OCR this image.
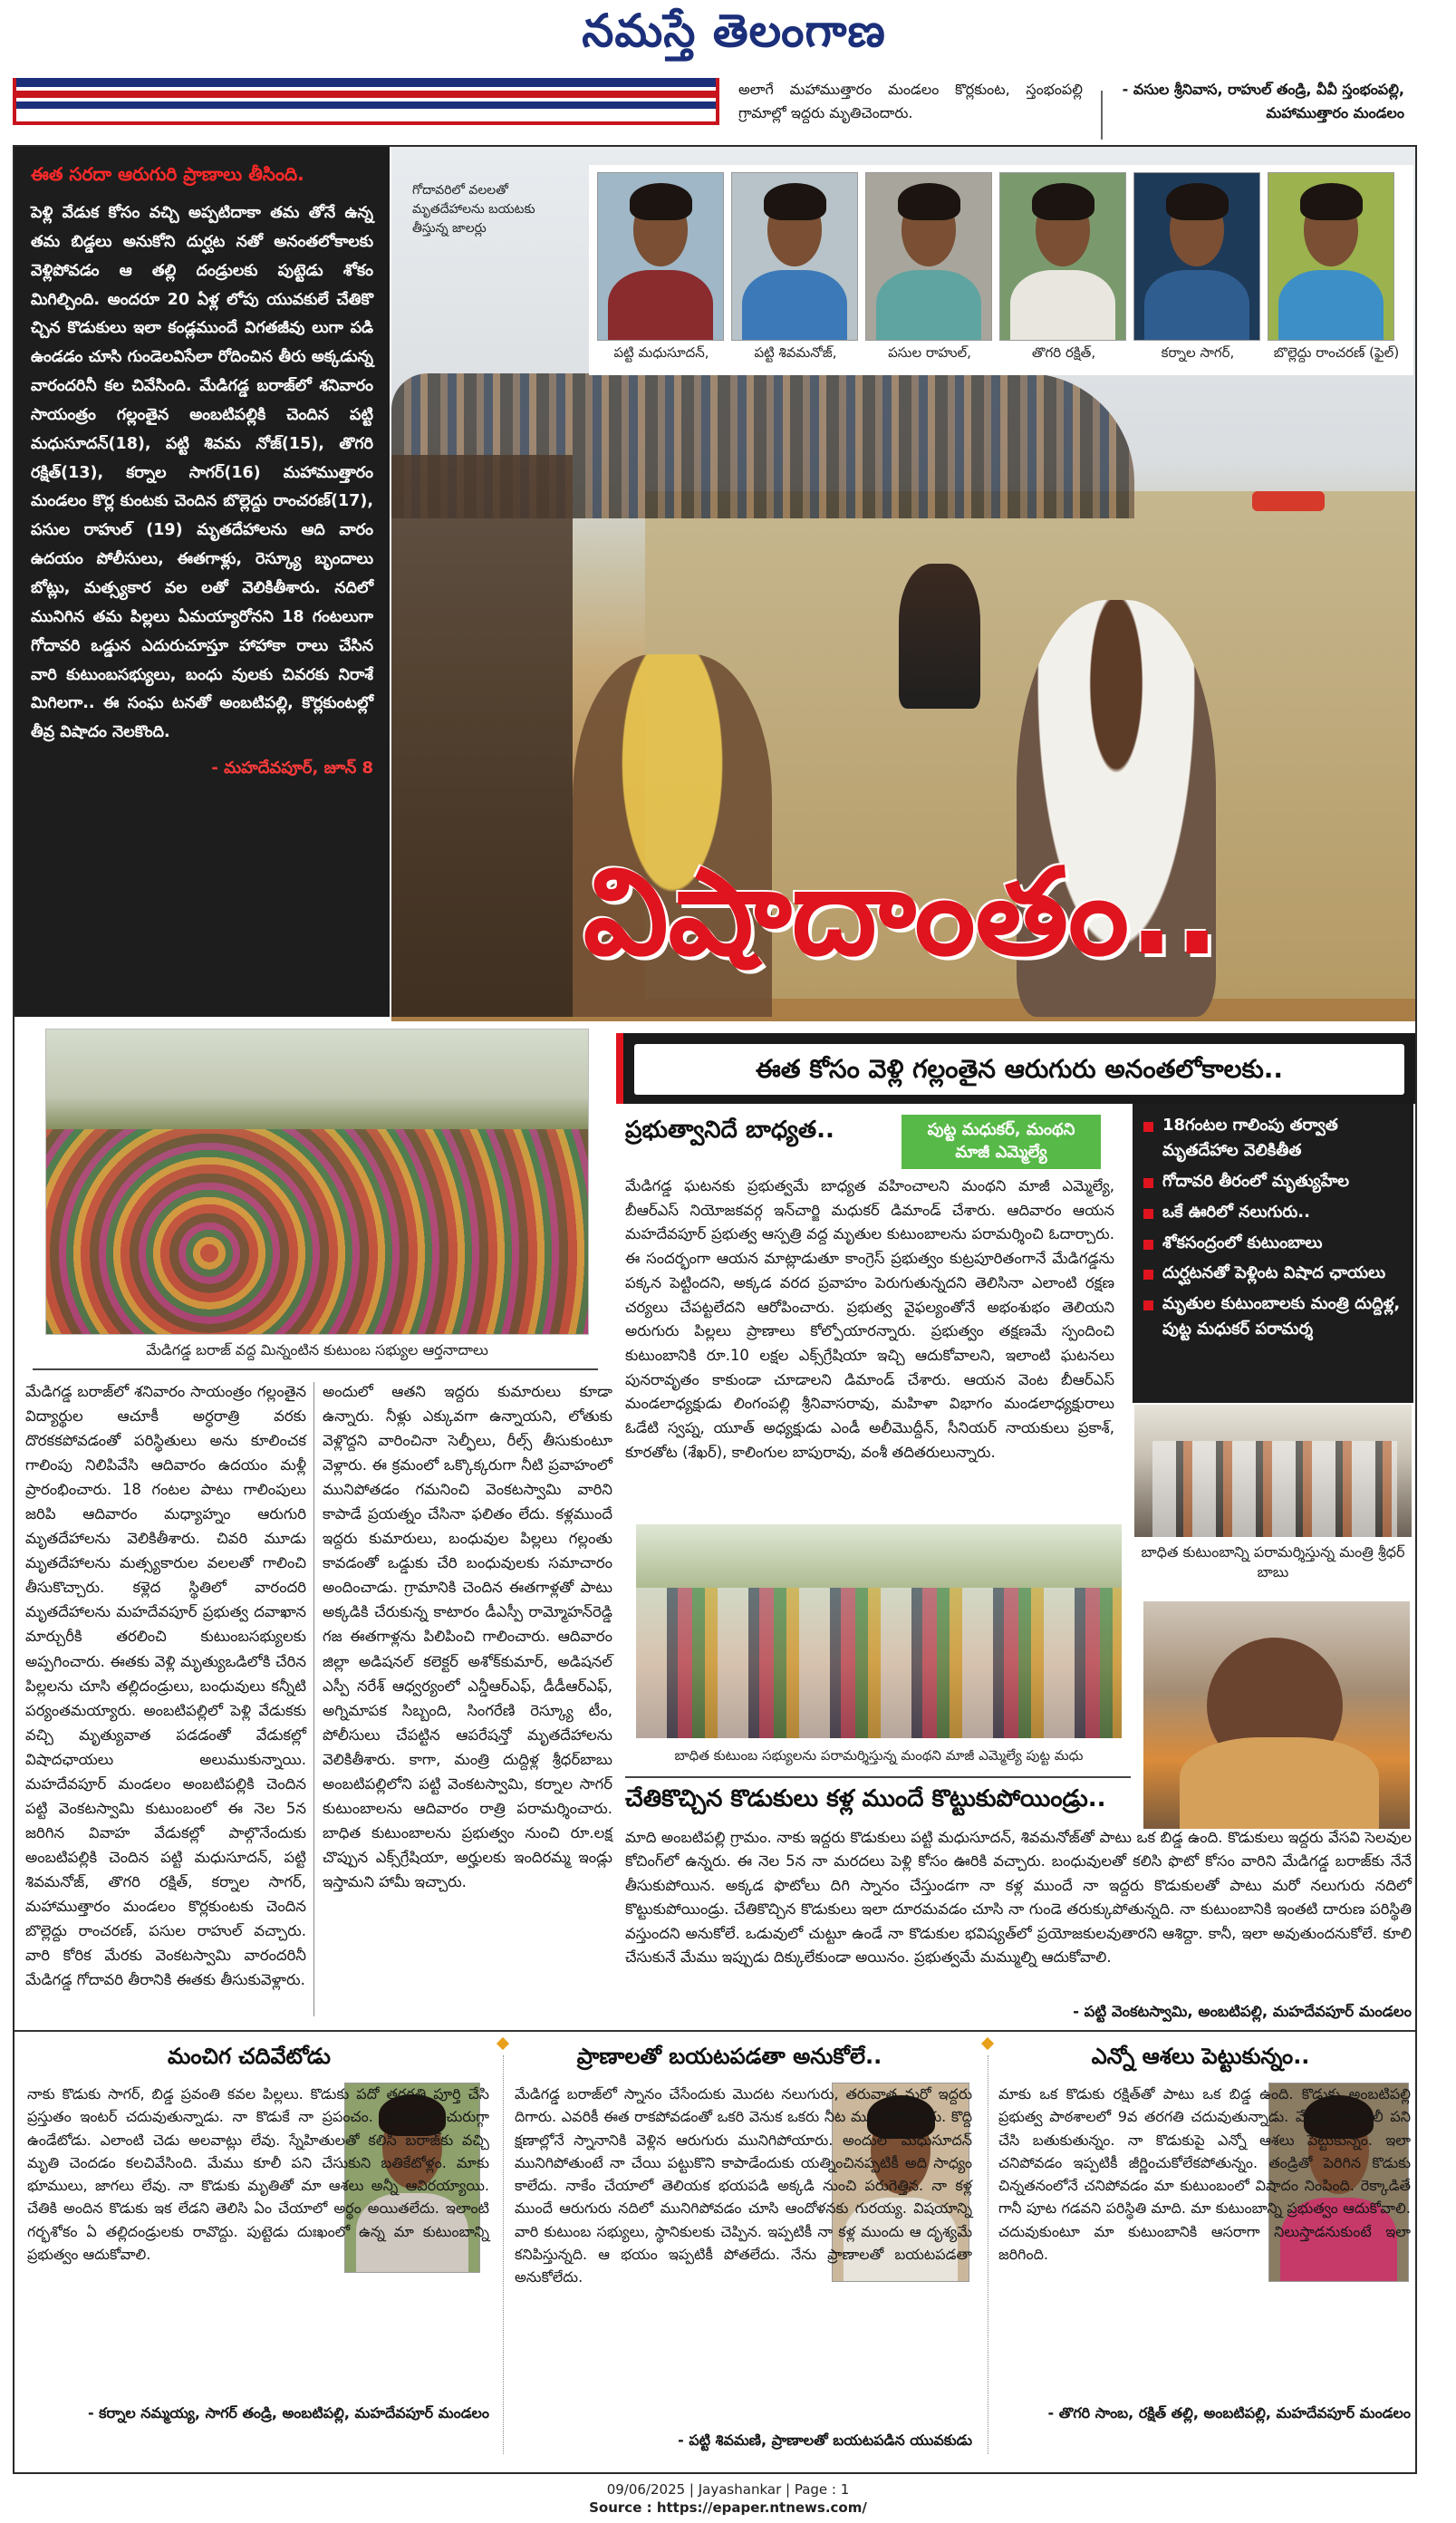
నమస్తే తెలంగాణ
అలాగే మహాముత్తారం మండలం కొర్లకుంట, స్తంభంపల్లి గ్రామాల్లో ఇద్దరు మృతిచెందారు.
- వసుల శ్రీనివాస, రాహుల్ తండ్రి, వీవీ స్తంభంపల్లి, మహాముత్తారం మండలం
ఈత సరదా ఆరుగురి ప్రాణాలు తీసింది.
పెళ్లి వేడుక కోసం వచ్చి అప్పటిదాకా తమ తోనే ఉన్న తమ బిడ్డలు అనుకోని దుర్ఘట నతో అనంతలోకాలకు వెళ్లిపోవడం ఆ తల్లి దండ్రులకు పుట్టెడు శోకం మిగిల్చింది. అందరూ 20 ఏళ్ల లోపు యువకులే చేతికొ చ్చిన కొడుకులు ఇలా కండ్లముందే విగతజీవు లుగా పడి ఉండడం చూసి గుండెలవిసేలా రోదించిన తీరు అక్కడున్న వారందరినీ కల చివేసింది. మేడిగడ్డ బరాజ్‌లో శనివారం సాయంత్రం గల్లంతైన అంబటిపల్లికి చెందిన పట్టి మధుసూదన్(18), పట్టి శివమ నోజ్(15), తొగరి రక్షిత్(13), కర్నాల సాగర్(16) మహాముత్తారం మండలం కొర్ల కుంటకు చెందిన బొల్లెద్దు రాంచరణ్(17), పసుల రాహుల్ (19) మృతదేహాలను ఆది వారం ఉదయం పోలీసులు, ఈతగాళ్లు, రెస్క్యూ బృందాలు బోట్లు, మత్స్యకార వల లతో వెలికితీశారు. నదిలో మునిగిన తమ పిల్లలు ఏమయ్యారోనని 18 గంటలుగా గోదావరి ఒడ్డున ఎదురుచూస్తూ హాహాకా రాలు చేసిన వారి కుటుంబసభ్యులు, బంధు వులకు చివరకు నిరాశే మిగిలగా.. ఈ సంఘ టనతో అంబటిపల్లి, కొర్లకుంటల్లో తీవ్ర విషాదం నెలకొంది.
- మహదేవపూర్, జూన్ 8
గోదావరిలో వలలతో మృతదేహాలను బయటకు తీస్తున్న జాలర్లు
పట్టి మధుసూదన్,	పట్టి శివమనోజ్,	పసుల రాహుల్,	తొగరి రక్షిత్,	కర్నాల సాగర్,	బొల్లెద్దు రాంచరణ్ (ఫైల్)
విషాదాంతం..
ఈత కోసం వెళ్లి గల్లంతైన ఆరుగురు అనంతలోకాలకు..
మేడిగడ్డ బరాజ్ వద్ద మిన్నంటిన కుటుంబ సభ్యుల ఆర్తనాదాలు
ప్రభుత్వానిదే బాధ్యత..	పుట్ట మధుకర్, మంథని మాజీ ఎమ్మెల్యే
మేడిగడ్డ ఘటనకు ప్రభుత్వమే బాధ్యత వహించాలని మంథని మాజీ ఎమ్మెల్యే, బీఆర్‌ఎస్ నియోజకవర్గ ఇన్‌చార్జి మధుకర్ డిమాండ్ చేశారు. ఆదివారం ఆయన మహదేవపూర్ ప్రభుత్వ ఆస్పత్రి వద్ద మృతుల కుటుంబాలను పరామర్శించి ఓదార్చారు. ఈ సందర్భంగా ఆయన మాట్లాడుతూ కాంగ్రెస్ ప్రభుత్వం కుట్రపూరితంగానే మేడిగడ్డను పక్కన పెట్టిందని, అక్కడ వరద ప్రవాహం పెరుగుతున్నదని తెలిసినా ఎలాంటి రక్షణ చర్యలు చేపట్టలేదని ఆరోపించారు. ప్రభుత్వ వైఫల్యంతోనే అభంశుభం తెలియని అరుగురు పిల్లలు ప్రాణాలు కోల్పోయారన్నారు. ప్రభుత్వం తక్షణమే స్పందించి కుటుంబానికి రూ.10 లక్షల ఎక్స్‌గ్రేషియా ఇచ్చి ఆదుకోవాలని, ఇలాంటి ఘటనలు పునరావృతం కాకుండా చూడాలని డిమాండ్ చేశారు. ఆయన వెంట బీఆర్‌ఎస్ మండలాధ్యక్షుడు లింగంపల్లి శ్రీనివాసరావు, మహిళా విభాగం మండలాధ్యక్షురాలు ఓడేటి స్వప్న, యూత్ అధ్యక్షుడు ఎండీ అలీమొద్దీన్, సీనియర్ నాయకులు ప్రకాశ్, కూరతోట (శేఖర్), కాలింగుల బాపురావు, వంశీ తదితరులున్నారు.
18గంటల గాలింపు తర్వాత మృతదేహాల వెలికితీత
గోదావరి తీరంలో మృత్యుహేల
ఒకే ఊరిలో నలుగురు..
శోకసంద్రంలో కుటుంబాలు
దుర్ఘటనతో పెళ్లింట విషాద ఛాయలు
మృతుల కుటుంబాలకు మంత్రి దుద్దిళ్ల, పుట్ట మధుకర్ పరామర్శ
బాధిత కుటుంబాన్ని పరామర్శిస్తున్న మంత్రి శ్రీధర్ బాబు
బాధిత కుటుంబ సభ్యులను పరామర్శిస్తున్న మంథని మాజీ ఎమ్మెల్యే పుట్ట మధు
మేడిగడ్డ బరాజ్‌లో శనివారం సాయంత్రం గల్లంతైన విద్యార్థుల ఆచూకీ అర్ధరాత్రి వరకు దొరకకపోవడంతో పరిస్థితులు అను కూలించక గాలింపు నిలిపివేసి ఆదివారం ఉదయం మళ్లీ ప్రారంభించారు. 18 గంటల పాటు గాలింపులు జరిపి ఆదివారం మధ్యాహ్నం ఆరుగురి మృతదేహాలను వెలికితీశారు. చివరి మూడు మృతదేహాలను మత్స్యకారుల వలలతో గాలించి తీసుకొచ్చారు. కళ్లెద స్థితిలో వారందరి మృతదేహాలను మహదేవపూర్ ప్రభుత్వ దవాఖాన మార్చురీకి తరలించి కుటుంబసభ్యులకు అప్పగించారు. ఈతకు వెళ్లి మృత్యుఒడిలోకి చేరిన పిల్లలను చూసి తల్లిదండ్రులు, బంధువులు కన్నీటి పర్యంతమయ్యారు. అంబటిపల్లిలో పెళ్లి వేడుకకు వచ్చి మృత్యువాత పడడంతో వేడుకల్లో విషాదఛాయలు అలుముకున్నాయి. మహదేవపూర్ మండలం అంబటిపల్లికి చెందిన పట్టి వెంకటస్వామి కుటుంబంలో ఈ నెల 5న జరిగిన వివాహ వేడుకల్లో పాల్గొనేందుకు అంబటిపల్లికి చెందిన పట్టి మధుసూదన్, పట్టి శివమనోజ్, తొగరి రక్షిత్, కర్నాల సాగర్, మహాముత్తారం మండలం కొర్లకుంటకు చెందిన బొల్లెద్దు రాంచరణ్, పసుల రాహుల్ వచ్చారు. వారి కోరిక మేరకు వెంకటస్వామి వారందరినీ మేడిగడ్డ గోదావరి తీరానికి ఈతకు తీసుకువెళ్లారు.
అందులో ఆతని ఇద్దరు కుమారులు కూడా ఉన్నారు. నీళ్లు ఎక్కువగా ఉన్నాయని, లోతుకు వెళ్లొద్దని వారించినా సెల్ఫీలు, రీల్స్ తీసుకుంటూ వెళ్లారు. ఈ క్రమంలో ఒక్కొక్కరుగా నీటి ప్రవాహంలో మునిపోతడం గమనించి వెంకటస్వామి వారిని కాపాడే ప్రయత్నం చేసినా ఫలితం లేదు. కళ్లముందే ఇద్దరు కుమారులు, బంధువుల పిల్లలు గల్లంతు కావడంతో ఒడ్డుకు చేరి బంధువులకు సమాచారం అందించాడు. గ్రామానికి చెందిన ఈతగాళ్లతో పాటు అక్కడికి చేరుకున్న కాటారం డీఎస్పీ రామ్మోహన్‌రెడ్డి గజ ఈతగాళ్లను పిలిపించి గాలించారు. ఆదివారం జిల్లా అడిషనల్ కలెక్టర్ అశోక్‌కుమార్, అడిషనల్ ఎస్పీ నరేశ్ ఆధ్వర్యంలో ఎన్డీఆర్‌ఎఫ్, డీడీఆర్‌ఎఫ్, అగ్నిమాపక సిబ్బంది, సింగరేణి రెస్క్యూ టీం, పోలీసులు చేపట్టిన ఆపరేషన్తో మృతదేహాలను వెలికితీశారు. కాగా, మంత్రి దుద్దిళ్ల శ్రీధర్‌బాబు అంబటిపల్లిలోని పట్టి వెంకటస్వామి, కర్నాల సాగర్ కుటుంబాలను ఆదివారం రాత్రి పరామర్శించారు. బాధిత కుటుంబాలను ప్రభుత్వం నుంచి రూ.లక్ష చొప్పున ఎక్స్‌గ్రేషియా, అర్హులకు ఇందిరమ్మ ఇండ్లు ఇస్తామని హామీ ఇచ్చారు.
చేతికొచ్చిన కొడుకులు కళ్ల ముందే కొట్టుకుపోయిండ్రు..
మాది అంబటిపల్లి గ్రామం. నాకు ఇద్దరు కొడుకులు పట్టి మధుసూదన్, శివమనోజ్‌తో పాటు ఒక బిడ్డ ఉంది. కొడుకులు ఇద్దరు వేసవి సెలవుల కోచింగ్‌లో ఉన్నరు. ఈ నెల 5న నా మరదలు పెళ్లి కోసం ఊరికి వచ్చారు. బంధువులతో కలిసి ఫొటో కోసం వారిని మేడిగడ్డ బరాజ్‌కు నేనే తీసుకుపోయిన. అక్కడ ఫొటోలు దిగి స్నానం చేస్తుండగా నా కళ్ల ముందే నా ఇద్దరు కొడుకులతో పాటు మరో నలుగురు నదిలో కొట్టుకుపోయిండ్రు. చేతికొచ్చిన కొడుకులు ఇలా దూరమవడం చూసి నా గుండె తరుక్కుపోతున్నది. నా కుటుంబానికి ఇంతటి దారుణ పరిస్థితి వస్తుందని అనుకోలే. ఒడువులో చుట్టూ ఉండే నా కొడుకుల భవిష్యత్‌లో ప్రయోజకులవుతారని ఆశిద్దా. కానీ, ఇలా అవుతుందనుకోలే. కూలి చేసుకునే మేము ఇప్పుడు దిక్కులేకుండా అయినం. ప్రభుత్వమే మమ్ముల్ని ఆదుకోవాలి.
- పట్టి వెంకటస్వామి, అంబటిపల్లి, మహదేవపూర్ మండలం
మంచిగ చదివేటోడు	ప్రాణాలతో బయటపడతా అనుకోలే..	ఎన్నో ఆశలు పెట్టుకున్నం..
నాకు కొడుకు సాగర్, బిడ్డ ప్రవంతి కవల పిల్లలు. కొడుకు పదో తరగతి పూర్తి చేసి ప్రస్తుతం ఇంటర్ చదువుతున్నాడు. నా కొడుకే నా ప్రపంచం. చదువులో చురుగ్గా ఉండేటోడు. ఎలాంటి చెడు అలవాట్లు లేవు. స్నేహితులతో కలిసి బరాజ్‌కు వచ్చి మృతి చెందడం కలచివేసింది. మేము కూలీ పని చేసుకుని బతికేటోళ్లం. మాకు భూములు, జాగలు లేవు. నా కొడుకు మృతితో మా ఆశలు అన్నీ ఆవిరయ్యాయి. చేతికి అందిన కొడుకు ఇక లేడని తెలిసి ఏం చేయాలో అర్థం అయితలేదు. ఇలాంటి గర్భశోకం ఏ తల్లిదండ్రులకు రావొద్దు. పుట్టెడు దుఃఖంలో ఉన్న మా కుటుంబాన్ని ప్రభుత్వం ఆదుకోవాలి.
మేడిగడ్డ బరాజ్‌లో స్నానం చేసేందుకు మొదట నలుగురు, తరువాత మరో ఇద్దరు దిగారు. ఎవరికీ ఈత రాకపోవడంతో ఒకరి వెనుక ఒకరు నీట మునిగిపోయారు. కొద్ది క్షణాల్లోనే స్నానానికి వెళ్లిన ఆరుగురు మునిగిపోయారు. అందులో మధుసూదన్ మునిగిపోతుంటే నా చేయి పట్టుకొని కాపాడేందుకు యత్నించినప్పటికీ అది సాధ్యం కాలేదు. నాకేం చేయాలో తెలియక భయపడి అక్కడి నుంచి పరుగెత్తిన. నా కళ్ల ముందే ఆరుగురు నదిలో మునిగిపోవడం చూసి ఆందోళనకు గురయ్య. విషయాన్ని వారి కుటుంబ సభ్యులు, స్థానికులకు చెప్పిన. ఇప్పటికీ నా కళ్ల ముందు ఆ దృశ్యమే కనిపిస్తున్నది. ఆ భయం ఇప్పటికీ పోతలేదు. నేను ప్రాణాలతో బయటపడతా అనుకోలేదు.
మాకు ఒక కొడుకు రక్షిత్‌తో పాటు ఒక బిడ్డ ఉంది. కొడుకు అంబటిపల్లి ప్రభుత్వ పాఠశాలలో 9వ తరగతి చదువుతున్నాడు. మేము హమాలీ పని చేసి బతుకుతున్నం. నా కొడుకుపై ఎన్నో ఆశలు పెట్టుకున్నం. ఇలా చనిపోవడం ఇప్పటికీ జీర్ణించుకోలేకపోతున్నం. తండ్రితో పెరిగిన కొడుకు చిన్నతనంలోనే చనిపోవడం మా కుటుంబంలో విషాదం నింపింది. రెక్కాడితే గానీ పూట గడవని పరిస్థితి మాది. మా కుటుంబాన్ని ప్రభుత్వం ఆదుకోవాలి. చదువుకుంటూ మా కుటుంబానికి ఆసరాగా నిలుస్తాడనుకుంటే ఇలా జరిగింది.
- కర్నాల నమ్మయ్య, సాగర్ తండ్రి, అంబటిపల్లి, మహదేవపూర్ మండలం
- పట్టి శివమణి, ప్రాణాలతో బయటపడిన యువకుడు
- తొగరి సాంబ, రక్షిత్ తల్లి, అంబటిపల్లి, మహదేవపూర్ మండలం
09/06/2025 | Jayashankar | Page : 1
Source : https://epaper.ntnews.com/
